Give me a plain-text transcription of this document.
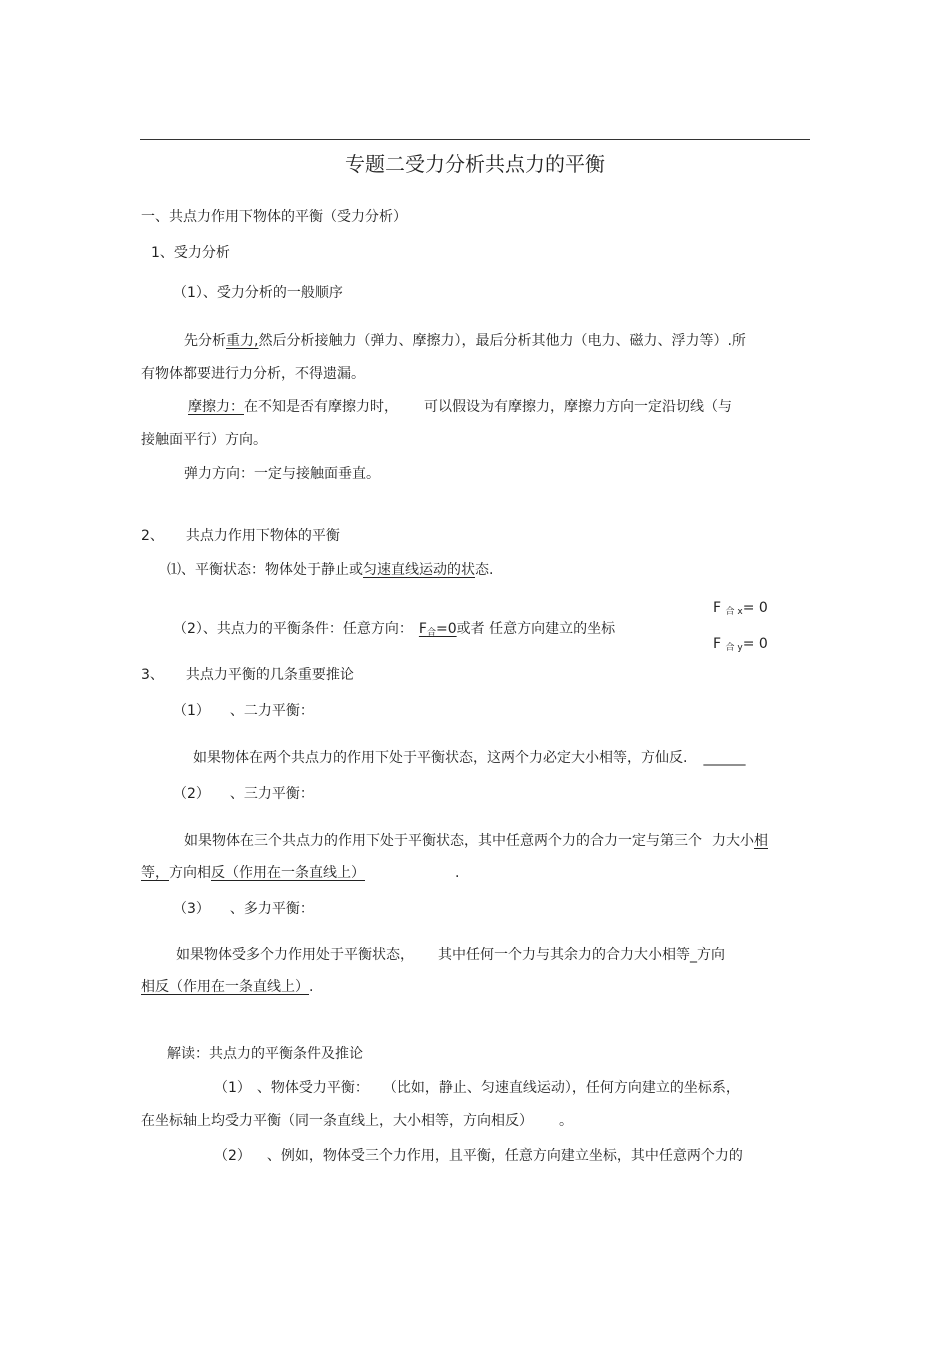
专题二受力分析共点力的平衡
一、共点力作用下物体的平衡（受力分析）
1、受力分析
（1）、受力分析的一般顺序
先分析重力,然后分析接触力（弹力、摩擦力），最后分析其他力（电力、磁力、浮力等）.所
有物体都要进行力分析，不得遗漏。
摩擦力：在不知是否有摩擦力时， 可以假设为有摩擦力，摩擦力方向一定沿切线（与
接触面平行）方向。
弹力方向：一定与接触面垂直。
2、 共点力作用下物体的平衡
⑴、平衡状态：物体处于静止或匀速直线运动的状态.
F $_{合 x}$= 0
（2）、共点力的平衡条件：任意方向： $F_合=0$或者 任意方向建立的坐标
F $_{合 y}$= 0
3、 共点力平衡的几条重要推论
（1） 、二力平衡：
如果物体在两个共点力的作用下处于平衡状态，这两个力必定大小相等，方仙反. ______
（2） 、三力平衡：
如果物体在三个共点力的作用下处于平衡状态，其中任意两个力的合力一定与第三个 力大小相
等，方向相反（作用在一条直线上）	.
（3） 、多力平衡：
如果物体受多个力作用处于平衡状态， 其中任何一个力与其余力的合力大小相等_方向
相反（作用在一条直线上）.
解读：共点力的平衡条件及推论
（1） 、物体受力平衡： （比如，静止、匀速直线运动），任何方向建立的坐标系，
在坐标轴上均受力平衡（同一条直线上，大小相等，方向相反） 。
（2） 、例如，物体受三个力作用，且平衡，任意方向建立坐标，其中任意两个力的
